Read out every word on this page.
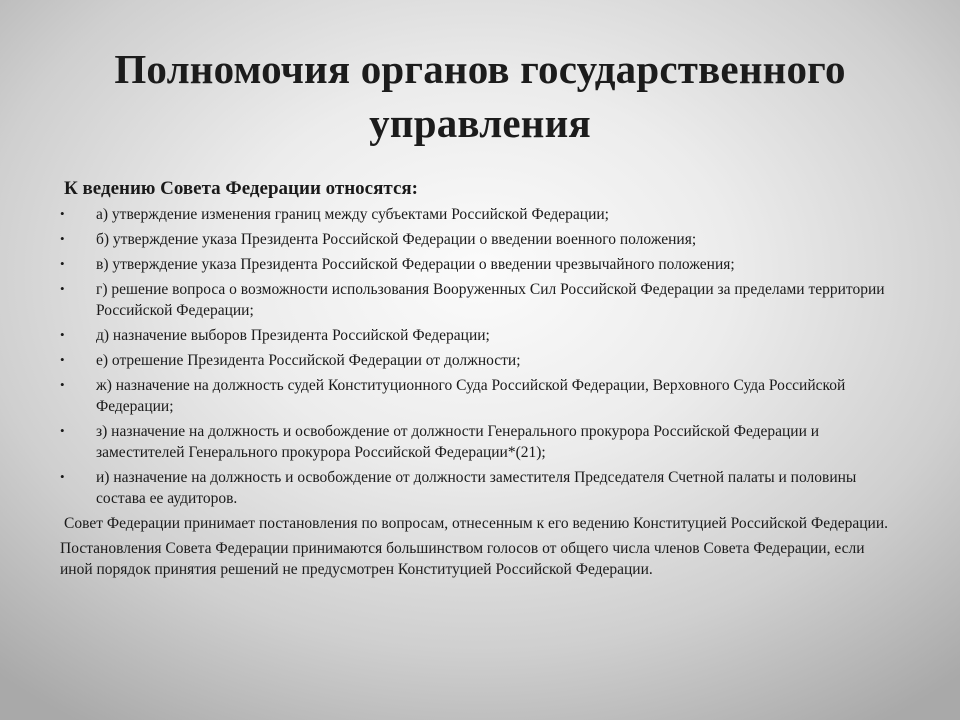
Полномочия органов государственного управления

К ведению Совета Федерации относятся:

•	а) утверждение изменения границ между субъектами Российской Федерации;
•	б) утверждение указа Президента Российской Федерации о введении военного положения;
•	в) утверждение указа Президента Российской Федерации о введении чрезвычайного положения;
•	г) решение вопроса о возможности использования Вооруженных Сил Российской Федерации за пределами территории Российской Федерации;
•	д) назначение выборов Президента Российской Федерации;
•	е) отрешение Президента Российской Федерации от должности;
•	ж) назначение на должность судей Конституционного Суда Российской Федерации, Верховного Суда Российской Федерации;
•	з) назначение на должность и освобождение от должности Генерального прокурора Российской Федерации и заместителей Генерального прокурора Российской Федерации*(21);
•	и) назначение на должность и освобождение от должности заместителя Председателя Счетной палаты и половины состава ее аудиторов.

Совет Федерации принимает постановления по вопросам, отнесенным к его ведению Конституцией Российской Федерации.

Постановления Совета Федерации принимаются большинством голосов от общего числа членов Совета Федерации, если иной порядок принятия решений не предусмотрен Конституцией Российской Федерации.
